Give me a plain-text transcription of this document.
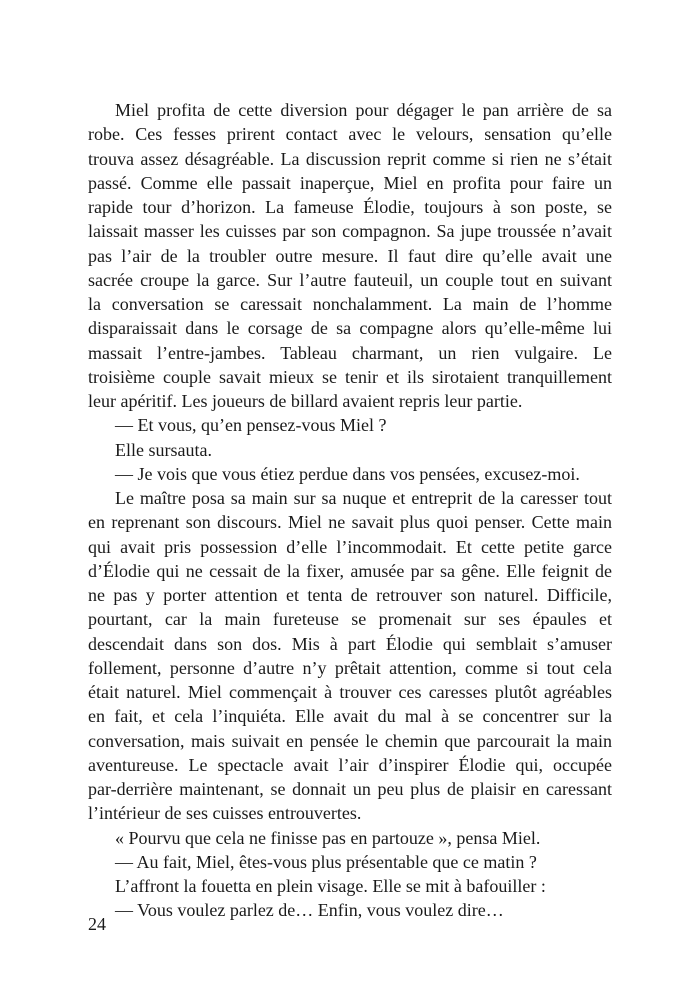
Miel profita de cette diversion pour dégager le pan arrière de sa
robe. Ces fesses prirent contact avec le velours, sensation qu’elle
trouva assez désagréable. La discussion reprit comme si rien ne s’était
passé. Comme elle passait inaperçue, Miel en profita pour faire un
rapide tour d’horizon. La fameuse Élodie, toujours à son poste, se
laissait masser les cuisses par son compagnon. Sa jupe troussée n’avait
pas l’air de la troubler outre mesure. Il faut dire qu’elle avait une
sacrée croupe la garce. Sur l’autre fauteuil, un couple tout en suivant
la conversation se caressait nonchalamment. La main de l’homme
disparaissait dans le corsage de sa compagne alors qu’elle-même lui
massait l’entre-jambes. Tableau charmant, un rien vulgaire. Le
troisième couple savait mieux se tenir et ils sirotaient tranquillement
leur apéritif. Les joueurs de billard avaient repris leur partie.
— Et vous, qu’en pensez-vous Miel ?
Elle sursauta.
— Je vois que vous étiez perdue dans vos pensées, excusez-moi.
Le maître posa sa main sur sa nuque et entreprit de la caresser tout
en reprenant son discours. Miel ne savait plus quoi penser. Cette main
qui avait pris possession d’elle l’incommodait. Et cette petite garce
d’Élodie qui ne cessait de la fixer, amusée par sa gêne. Elle feignit de
ne pas y porter attention et tenta de retrouver son naturel. Difficile,
pourtant, car la main fureteuse se promenait sur ses épaules et
descendait dans son dos. Mis à part Élodie qui semblait s’amuser
follement, personne d’autre n’y prêtait attention, comme si tout cela
était naturel. Miel commençait à trouver ces caresses plutôt agréables
en fait, et cela l’inquiéta. Elle avait du mal à se concentrer sur la
conversation, mais suivait en pensée le chemin que parcourait la main
aventureuse. Le spectacle avait l’air d’inspirer Élodie qui, occupée
par-derrière maintenant, se donnait un peu plus de plaisir en caressant
l’intérieur de ses cuisses entrouvertes.
« Pourvu que cela ne finisse pas en partouze », pensa Miel.
— Au fait, Miel, êtes-vous plus présentable que ce matin ?
L’affront la fouetta en plein visage. Elle se mit à bafouiller :
— Vous voulez parlez de… Enfin, vous voulez dire…
24
